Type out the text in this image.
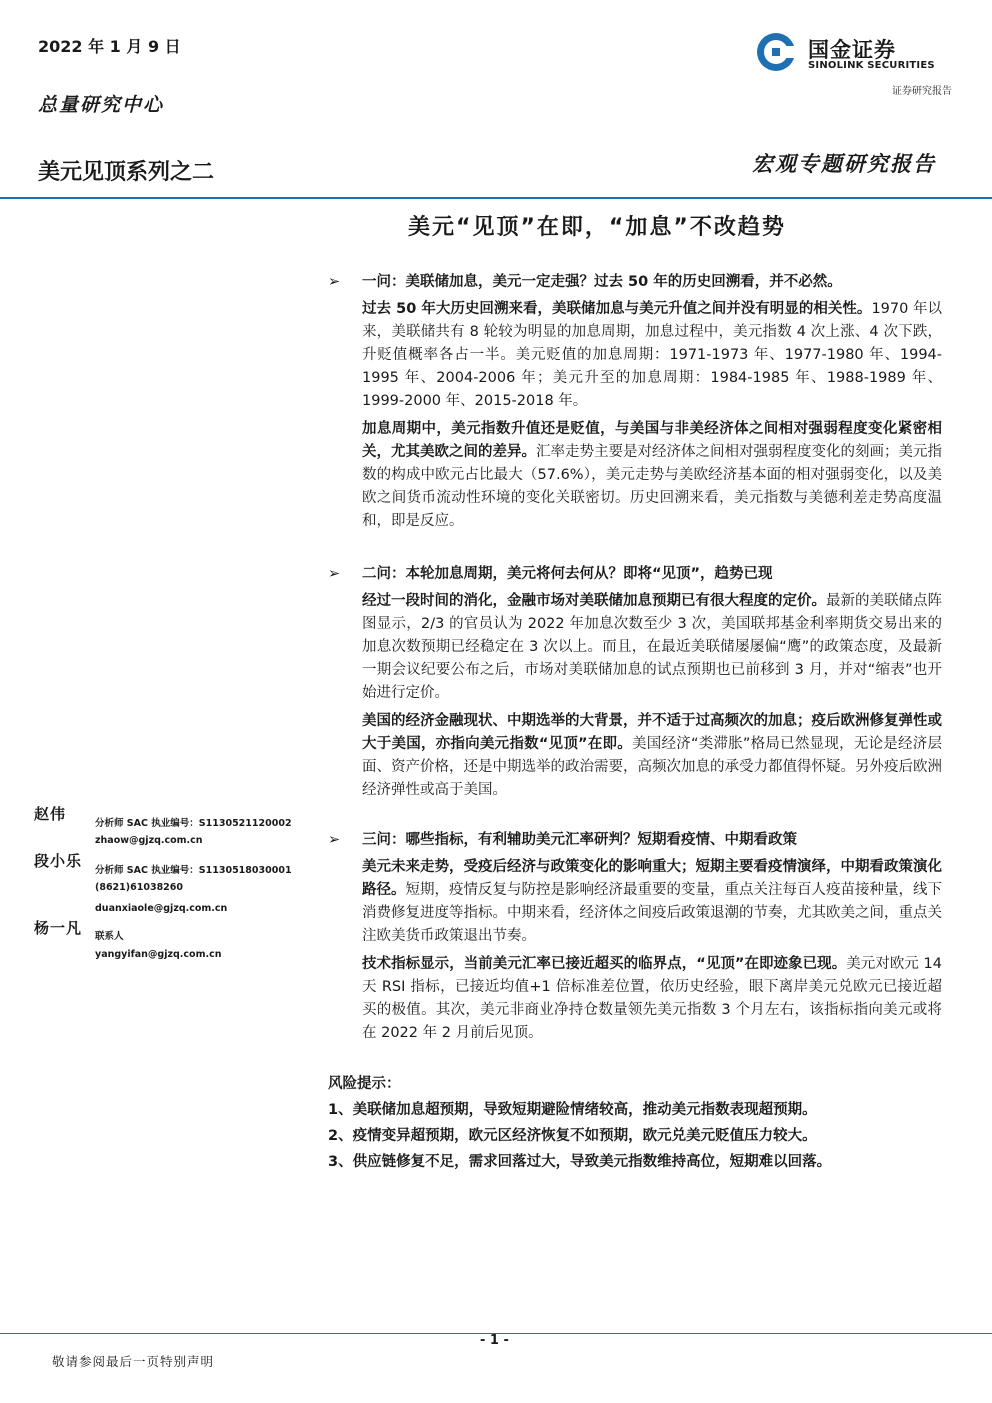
2022 年 1 月 9 日	国金证券
SINOLINK SECURITIES
证券研究报告
总量研究中心
美元见顶系列之二	宏观专题研究报告
美元“见顶”在即，“加息”不改趋势
➢	一问：美联储加息，美元一定走强？过去 50 年的历史回溯看，并不必然。
过去 50 年大历史回溯来看，美联储加息与美元升值之间并没有明显的相关性。1970 年以来，美联储共有 8 轮较为明显的加息周期，加息过程中，美元指数 4 次上涨、4 次下跌，升贬值概率各占一半。美元贬值的加息周期：1971-1973 年、1977-1980 年、1994-1995 年、2004-2006 年；美元升至的加息周期：1984-1985 年、1988-1989 年、1999-2000 年、2015-2018 年。
加息周期中，美元指数升值还是贬值，与美国与非美经济体之间相对强弱程度变化紧密相关，尤其美欧之间的差异。汇率走势主要是对经济体之间相对强弱程度变化的刻画；美元指数的构成中欧元占比最大（57.6%），美元走势与美欧经济基本面的相对强弱变化，以及美欧之间货币流动性环境的变化关联密切。历史回溯来看，美元指数与美德利差走势高度温和，即是反应。
➢	二问：本轮加息周期，美元将何去何从？即将“见顶”，趋势已现
经过一段时间的消化，金融市场对美联储加息预期已有很大程度的定价。最新的美联储点阵图显示，2/3 的官员认为 2022 年加息次数至少 3 次，美国联邦基金利率期货交易出来的加息次数预期已经稳定在 3 次以上。而且，在最近美联储屡屡偏“鹰”的政策态度，及最新一期会议纪要公布之后，市场对美联储加息的试点预期也已前移到 3 月，并对“缩表”也开始进行定价。
美国的经济金融现状、中期选举的大背景，并不适于过高频次的加息；疫后欧洲修复弹性或大于美国，亦指向美元指数“见顶”在即。美国经济“类滞胀”格局已然显现，无论是经济层面、资产价格，还是中期选举的政治需要，高频次加息的承受力都值得怀疑。另外疫后欧洲经济弹性或高于美国。
➢	三问：哪些指标，有利辅助美元汇率研判？短期看疫情、中期看政策
美元未来走势，受疫后经济与政策变化的影响重大；短期主要看疫情演绎，中期看政策演化路径。短期，疫情反复与防控是影响经济最重要的变量，重点关注每百人疫苗接种量，线下消费修复进度等指标。中期来看，经济体之间疫后政策退潮的节奏，尤其欧美之间，重点关注欧美货币政策退出节奏。
技术指标显示，当前美元汇率已接近超买的临界点，“见顶”在即迹象已现。美元对欧元 14 天 RSI 指标，已接近均值+1 倍标准差位置，依历史经验，眼下离岸美元兑欧元已接近超买的极值。其次，美元非商业净持仓数量领先美元指数 3 个月左右，该指标指向美元或将在 2022 年 2 月前后见顶。
风险提示：
1、美联储加息超预期，导致短期避险情绪较高，推动美元指数表现超预期。
2、疫情变异超预期，欧元区经济恢复不如预期，欧元兑美元贬值压力较大。
3、供应链修复不足，需求回落过大，导致美元指数维持高位，短期难以回落。
赵伟
分析师 SAC 执业编号：S1130521120002
zhaow@gjzq.com.cn
段小乐
分析师 SAC 执业编号：S1130518030001
(8621)61038260
duanxiaole@gjzq.com.cn
杨一凡 联系人
yangyifan@gjzq.com.cn
- 1 -
敬请参阅最后一页特别声明
